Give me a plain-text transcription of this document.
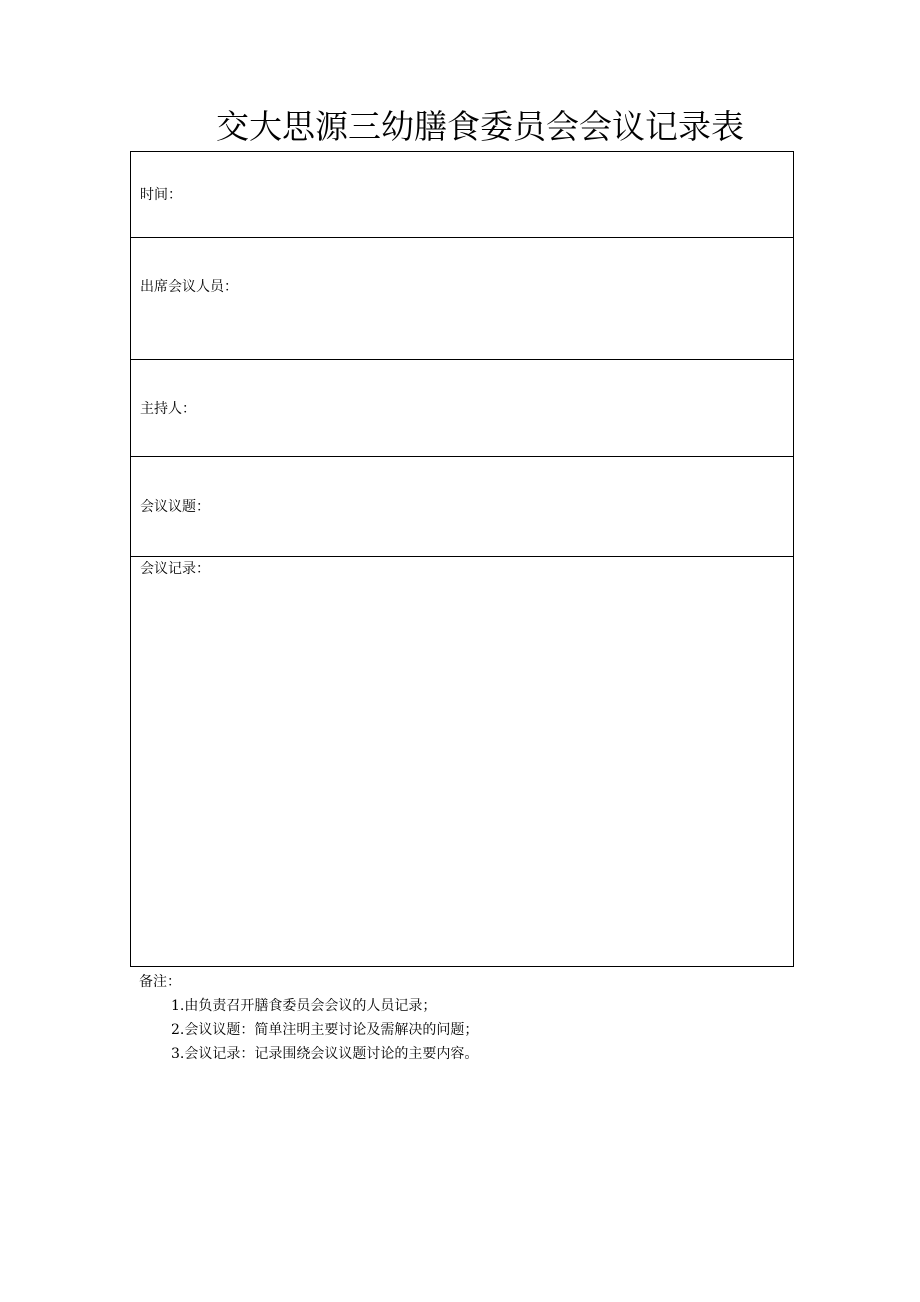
交大思源三幼膳食委员会会议记录表
时间：
出席会议人员：
主持人：
会议议题：
会议记录：
备注：
1.由负责召开膳食委员会会议的人员记录；
2.会议议题：简单注明主要讨论及需解决的问题；
3.会议记录：记录围绕会议议题讨论的主要内容。
